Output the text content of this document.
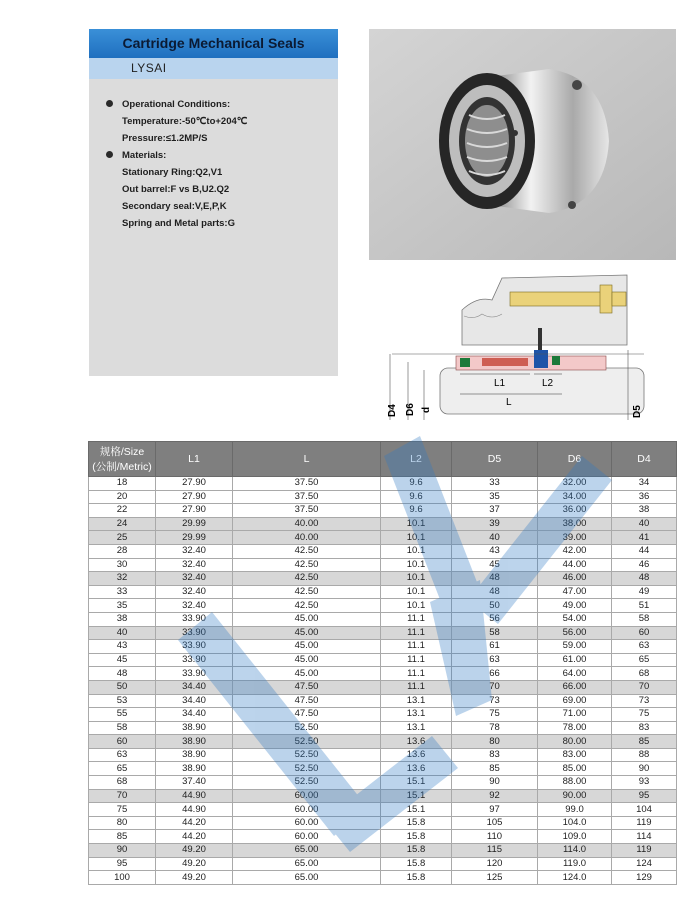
Cartridge Mechanical Seals
LYSAI
Operational Conditions:
Temperature:-50℃to+204℃
Pressure:≤1.2MP/S
Materials:
Stationary Ring:Q2,V1
Out barrel:F vs B,U2.Q2
Secondary seal:V,E,P,K
Spring and Metal parts:G
L1	L2
L
D4 D6 d	D5
规格/Size
(公制/Metric)	L1	L	L2	D5	D6	D4
18	27.90	37.50	9.6	33	32.00	34
20	27.90	37.50	9.6	35	34.00	36
22	27.90	37.50	9.6	37	36.00	38
24	29.99	40.00	10.1	39	38.00	40
25	29.99	40.00	10.1	40	39.00	41
28	32.40	42.50	10.1	43	42.00	44
30	32.40	42.50	10.1	45	44.00	46
32	32.40	42.50	10.1	48	46.00	48
33	32.40	42.50	10.1	48	47.00	49
35	32.40	42.50	10.1	50	49.00	51
38	33.90	45.00	11.1	56	54.00	58
40	33.90	45.00	11.1	58	56.00	60
43	33.90	45.00	11.1	61	59.00	63
45	33.90	45.00	11.1	63	61.00	65
48	33.90	45.00	11.1	66	64.00	68
50	34.40	47.50	11.1	70	66.00	70
53	34.40	47.50	13.1	73	69.00	73
55	34.40	47.50	13.1	75	71.00	75
58	38.90	52.50	13.1	78	78.00	83
60	38.90	52.50	13.6	80	80.00	85
63	38.90	52.50	13.6	83	83.00	88
65	38.90	52.50	13.6	85	85.00	90
68	37.40	52.50	15.1	90	88.00	93
70	44.90	60.00	15.1	92	90.00	95
75	44.90	60.00	15.1	97	99.0	104
80	44.20	60.00	15.8	105	104.0	119
85	44.20	60.00	15.8	110	109.0	114
90	49.20	65.00	15.8	115	114.0	119
95	49.20	65.00	15.8	120	119.0	124
100	49.20	65.00	15.8	125	124.0	129
